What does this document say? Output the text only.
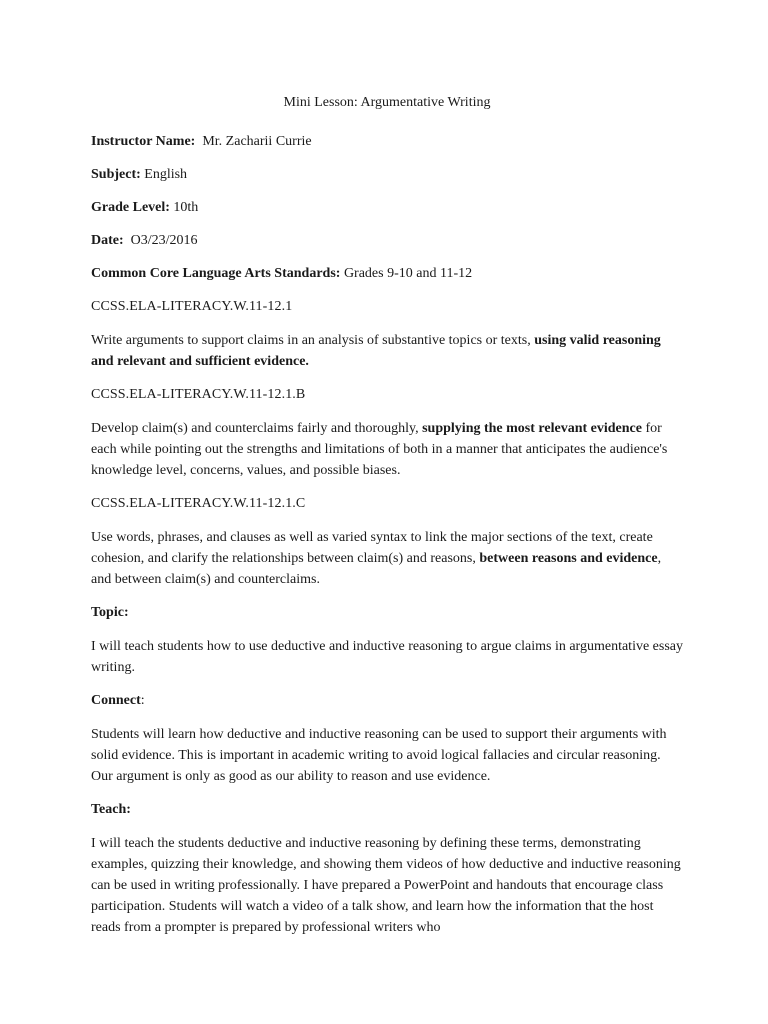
Mini Lesson: Argumentative Writing
Instructor Name:  Mr. Zacharii Currie
Subject: English
Grade Level: 10th
Date:  O3/23/2016
Common Core Language Arts Standards: Grades 9-10 and 11-12
CCSS.ELA-LITERACY.W.11-12.1
Write arguments to support claims in an analysis of substantive topics or texts, using valid reasoning and relevant and sufficient evidence.
CCSS.ELA-LITERACY.W.11-12.1.B
Develop claim(s) and counterclaims fairly and thoroughly, supplying the most relevant evidence for each while pointing out the strengths and limitations of both in a manner that anticipates the audience's knowledge level, concerns, values, and possible biases.
CCSS.ELA-LITERACY.W.11-12.1.C
Use words, phrases, and clauses as well as varied syntax to link the major sections of the text, create cohesion, and clarify the relationships between claim(s) and reasons, between reasons and evidence, and between claim(s) and counterclaims.
Topic:
I will teach students how to use deductive and inductive reasoning to argue claims in argumentative essay writing.
Connect:
Students will learn how deductive and inductive reasoning can be used to support their arguments with solid evidence. This is important in academic writing to avoid logical fallacies and circular reasoning. Our argument is only as good as our ability to reason and use evidence.
Teach:
I will teach the students deductive and inductive reasoning by defining these terms, demonstrating examples, quizzing their knowledge, and showing them videos of how deductive and inductive reasoning can be used in writing professionally. I have prepared a PowerPoint and handouts that encourage class participation. Students will watch a video of a talk show, and learn how the information that the host reads from a prompter is prepared by professional writers who
